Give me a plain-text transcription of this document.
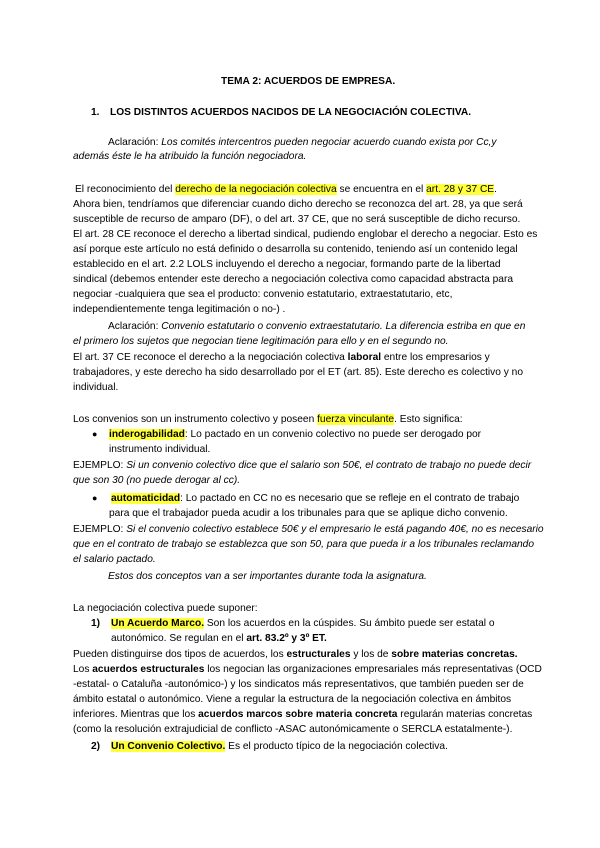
TEMA 2: ACUERDOS DE EMPRESA.
1. LOS DISTINTOS ACUERDOS NACIDOS DE LA NEGOCIACIÓN COLECTIVA.
Aclaración: Los comités intercentros pueden negociar acuerdo cuando exista por Cc,y
además éste le ha atribuido la función negociadora.
El reconocimiento del derecho de la negociación colectiva se encuentra en el art. 28 y 37 CE.
Ahora bien, tendríamos que diferenciar cuando dicho derecho se reconozca del art. 28, ya que será
susceptible de recurso de amparo (DF), o del art. 37 CE, que no será susceptible de dicho recurso.
El art. 28 CE reconoce el derecho a libertad sindical, pudiendo englobar el derecho a negociar. Esto es
así porque este artículo no está definido o desarrolla su contenido, teniendo así un contenido legal
establecido en el art. 2.2 LOLS incluyendo el derecho a negociar, formando parte de la libertad
sindical (debemos entender este derecho a negociación colectiva como capacidad abstracta para
negociar -cualquiera que sea el producto: convenio estatutario, extraestatutario, etc,
independientemente tenga legitimación o no-) .
Aclaración: Convenio estatutario o convenio extraestatutario. La diferencia estriba en que en
el primero los sujetos que negocian tiene legitimación para ello y en el segundo no.
El art. 37 CE reconoce el derecho a la negociación colectiva laboral entre los empresarios y
trabajadores, y este derecho ha sido desarrollado por el ET (art. 85). Este derecho es colectivo y no
individual.
Los convenios son un instrumento colectivo y poseen fuerza vinculante. Esto significa:
● inderogabilidad: Lo pactado en un convenio colectivo no puede ser derogado por
instrumento individual.
EJEMPLO: Si un convenio colectivo dice que el salario son 50€, el contrato de trabajo no puede decir
que son 30 (no puede derogar al cc).
● automaticidad: Lo pactado en CC no es necesario que se refleje en el contrato de trabajo
para que el trabajador pueda acudir a los tribunales para que se aplique dicho convenio.
EJEMPLO: Si el convenio colectivo establece 50€ y el empresario le está pagando 40€, no es necesario
que en el contrato de trabajo se establezca que son 50, para que pueda ir a los tribunales reclamando
el salario pactado.
Estos dos conceptos van a ser importantes durante toda la asignatura.
La negociación colectiva puede suponer:
1) Un Acuerdo Marco. Son los acuerdos en la cúspides. Su ámbito puede ser estatal o
autonómico. Se regulan en el art. 83.2º y 3º ET.
Pueden distinguirse dos tipos de acuerdos, los estructurales y los de sobre materias concretas.
Los acuerdos estructurales los negocian las organizaciones empresariales más representativas (OCD
-estatal- o Cataluña -autonómico-) y los sindicatos más representativos, que también pueden ser de
ámbito estatal o autonómico. Viene a regular la estructura de la negociación colectiva en ámbitos
inferiores. Mientras que los acuerdos marcos sobre materia concreta regularán materias concretas
(como la resolución extrajudicial de conflicto -ASAC autonómicamente o SERCLA estatalmente-).
2) Un Convenio Colectivo. Es el producto típico de la negociación colectiva.
